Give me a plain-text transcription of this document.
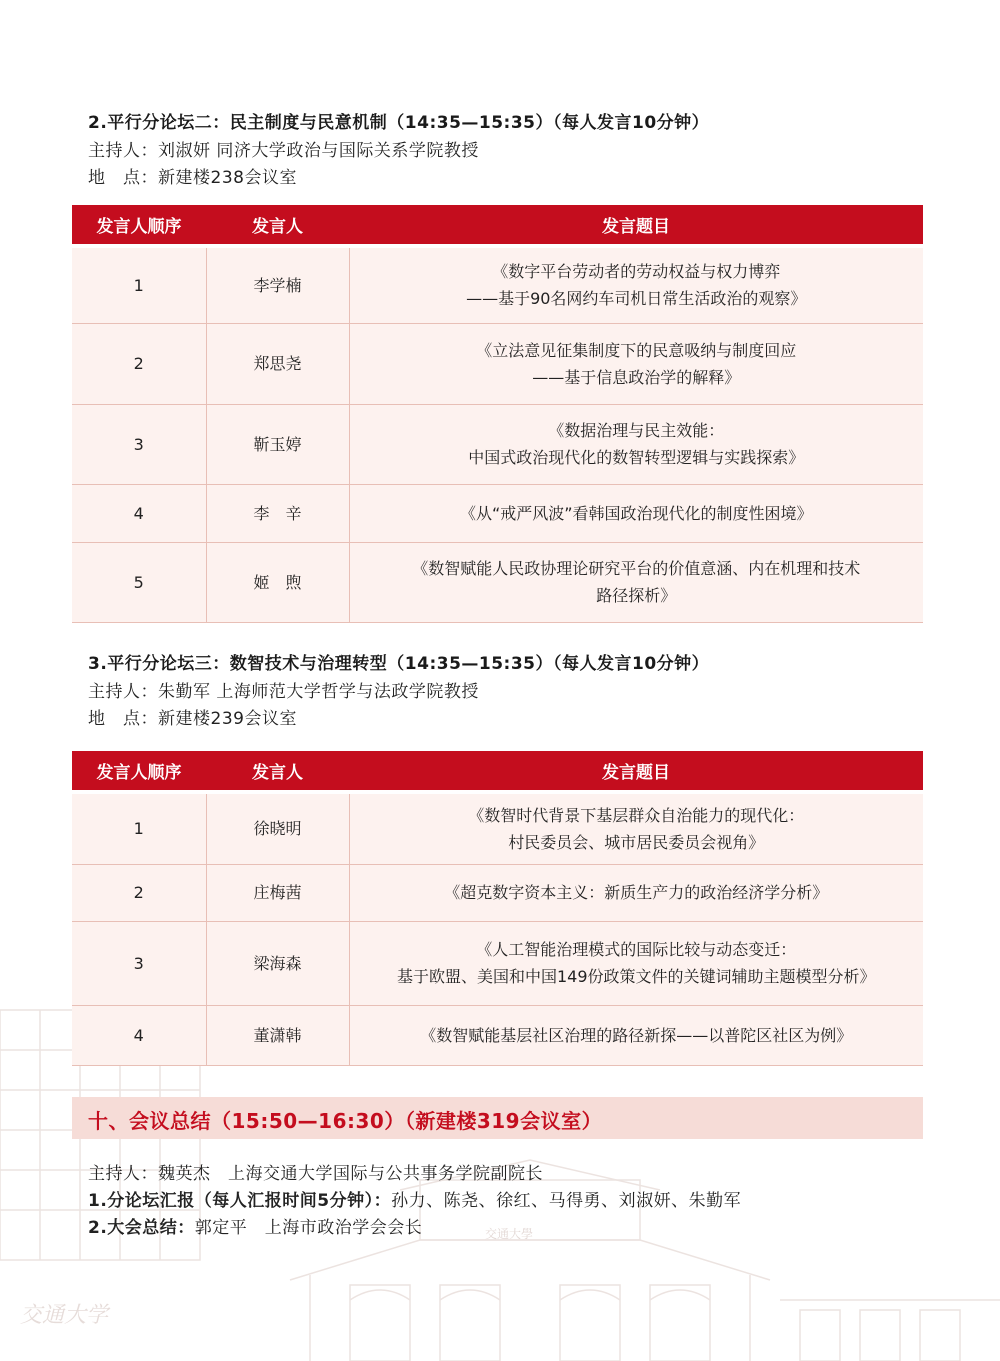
交通大学
交通大學
2.平行分论坛二：民主制度与民意机制（14:35—15:35）（每人发言10分钟）
主持人：刘淑妍 同济大学政治与国际关系学院教授
地　点：新建楼238会议室
发言人顺序	发言人	发言题目

1	李学楠	《数字平台劳动者的劳动权益与权力博弈
——基于90名网约车司机日常生活政治的观察》

2	郑思尧	《立法意见征集制度下的民意吸纳与制度回应
——基于信息政治学的解释》

3	靳玉婷	《数据治理与民主效能：
中国式政治现代化的数智转型逻辑与实践探索》

4	李　辛	《从“戒严风波”看韩国政治现代化的制度性困境》

5	姬　煦	《数智赋能人民政协理论研究平台的价值意涵、内在机理和技术
路径探析》
3.平行分论坛三：数智技术与治理转型（14:35—15:35）（每人发言10分钟）
主持人：朱勤军 上海师范大学哲学与法政学院教授
地　点：新建楼239会议室
发言人顺序	发言人	发言题目

1	徐晓明	《数智时代背景下基层群众自治能力的现代化：
村民委员会、城市居民委员会视角》

2	庄梅茜	《超克数字资本主义：新质生产力的政治经济学分析》

3	梁海森	《人工智能治理模式的国际比较与动态变迁：
基于欧盟、美国和中国149份政策文件的关键词辅助主题模型分析》

4	董潇韩	《数智赋能基层社区治理的路径新探——以普陀区社区为例》
十、会议总结（15:50—16:30）（新建楼319会议室）
主持人：魏英杰　上海交通大学国际与公共事务学院副院长
1.分论坛汇报（每人汇报时间5分钟）：孙力、陈尧、徐红、马得勇、刘淑妍、朱勤军
2.大会总结：郭定平　上海市政治学会会长
